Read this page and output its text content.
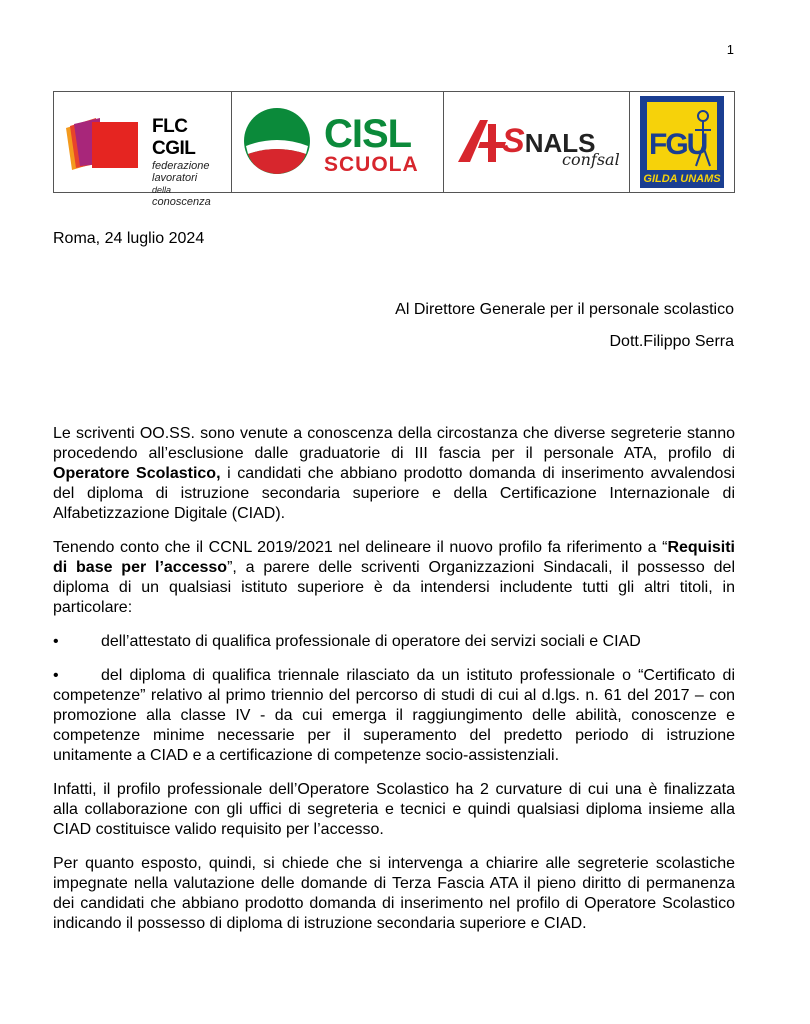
1
FLC CGIL
federazione
lavoratori
della conoscenza
CISL
SCUOLA
SNALS
confsal FGU
GILDA UNAMS
Roma, 24 luglio 2024
Al Direttore Generale per il personale scolastico
Dott.Filippo Serra

Le scriventi OO.SS. sono venute a conoscenza della circostanza che diverse segreterie stanno procedendo all’esclusione dalle graduatorie di III fascia per il personale ATA, profilo di Operatore Scolastico, i candidati che abbiano prodotto domanda di inserimento avvalendosi del diploma di istruzione secondaria superiore e della Certificazione Internazionale di Alfabetizzazione Digitale (CIAD).

Tenendo conto che il CCNL 2019/2021 nel delineare il nuovo profilo fa riferimento a “Requisiti di base per l’accesso”, a parere delle scriventi Organizzazioni Sindacali, il possesso del diploma di un qualsiasi istituto superiore è da intendersi includente tutti gli altri titoli, in particolare:

•	dell’attestato di qualifica professionale di operatore dei servizi sociali e CIAD
•	del diploma di qualifica triennale rilasciato da un istituto professionale o “Certificato di competenze” relativo al primo triennio del percorso di studi di cui al d.lgs. n. 61 del 2017 – con promozione alla classe IV - da cui emerga il raggiungimento delle abilità, conoscenze e competenze minime necessarie per il superamento del predetto periodo di istruzione unitamente a CIAD e a certificazione di competenze socio-assistenziali.

Infatti, il profilo professionale dell’Operatore Scolastico ha 2 curvature di cui una è finalizzata alla collaborazione con gli uffici di segreteria e tecnici e quindi qualsiasi diploma insieme alla CIAD costituisce valido requisito per l’accesso.

Per quanto esposto, quindi, si chiede che si intervenga a chiarire alle segreterie scolastiche impegnate nella valutazione delle domande di Terza Fascia ATA il pieno diritto di permanenza dei candidati che abbiano prodotto domanda di inserimento nel profilo di Operatore Scolastico indicando il possesso di diploma di istruzione secondaria superiore e CIAD.
